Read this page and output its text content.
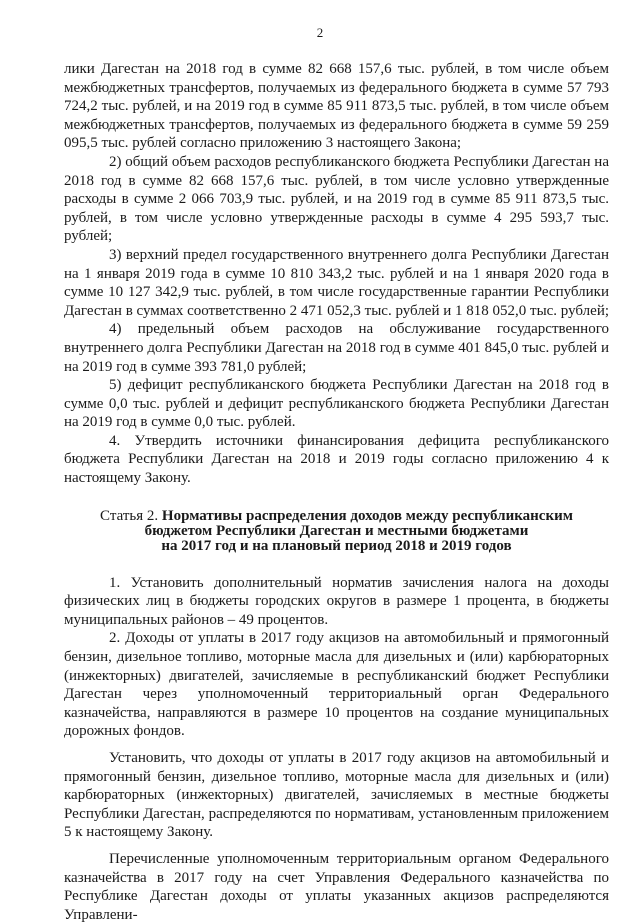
2

лики Дагестан на 2018 год в сумме 82 668 157,6 тыс. рублей, в том числе объем межбюджетных трансфертов, получаемых из федерального бюджета в сумме 57 793 724,2 тыс. рублей, и на 2019 год в сумме 85 911 873,5 тыс. рублей, в том числе объем межбюджетных трансфертов, получаемых из федерального бюджета в сумме 59 259 095,5 тыс. рублей согласно приложению 3 настоящего Закона;

2) общий объем расходов республиканского бюджета Республики Дагестан на 2018 год в сумме 82 668 157,6 тыс. рублей, в том числе условно утвержденные расходы в сумме 2 066 703,9 тыс. рублей, и на 2019 год в сумме 85 911 873,5 тыс. рублей, в том числе условно утвержденные расходы в сумме 4 295 593,7 тыс. рублей;

3) верхний предел государственного внутреннего долга Республики Дагестан на 1 января 2019 года в сумме 10 810 343,2 тыс. рублей и на 1 января 2020 года в сумме 10 127 342,9 тыс. рублей, в том числе государственные гарантии Республики Дагестан в суммах соответственно 2 471 052,3 тыс. рублей и 1 818 052,0 тыс. рублей;

4) предельный объем расходов на обслуживание государственного внутреннего долга Республики Дагестан на 2018 год в сумме 401 845,0 тыс. рублей и на 2019 год в сумме 393 781,0 рублей;

5) дефицит республиканского бюджета Республики Дагестан на 2018 год в сумме 0,0 тыс. рублей и дефицит республиканского бюджета Республики Дагестан на 2019 год в сумме 0,0 тыс. рублей.

4. Утвердить источники финансирования дефицита республиканского бюджета Республики Дагестан на 2018 и 2019 годы согласно приложению 4 к настоящему Закону.

Статья 2. Нормативы распределения доходов между республиканским
бюджетом Республики Дагестан и местными бюджетами
на 2017 год и на плановый период 2018 и 2019 годов

1. Установить дополнительный норматив зачисления налога на доходы физических лиц в бюджеты городских округов в размере 1 процента, в бюджеты муниципальных районов – 49 процентов.

2. Доходы от уплаты в 2017 году акцизов на автомобильный и прямогонный бензин, дизельное топливо, моторные масла для дизельных и (или) карбюраторных (инжекторных) двигателей, зачисляемые в республиканский бюджет Республики Дагестан через уполномоченный территориальный орган Федерального казначейства, направляются в размере 10 процентов на создание муниципальных дорожных фондов.

Установить, что доходы от уплаты в 2017 году акцизов на автомобильный и прямогонный бензин, дизельное топливо, моторные масла для дизельных и (или) карбюраторных (инжекторных) двигателей, зачисляемых в местные бюджеты Республики Дагестан, распределяются по нормативам, установленным приложением 5 к настоящему Закону.

Перечисленные уполномоченным территориальным органом Федерального казначейства в 2017 году на счет Управления Федерального казначейства по Республике Дагестан доходы от уплаты указанных акцизов распределяются Управлени-
